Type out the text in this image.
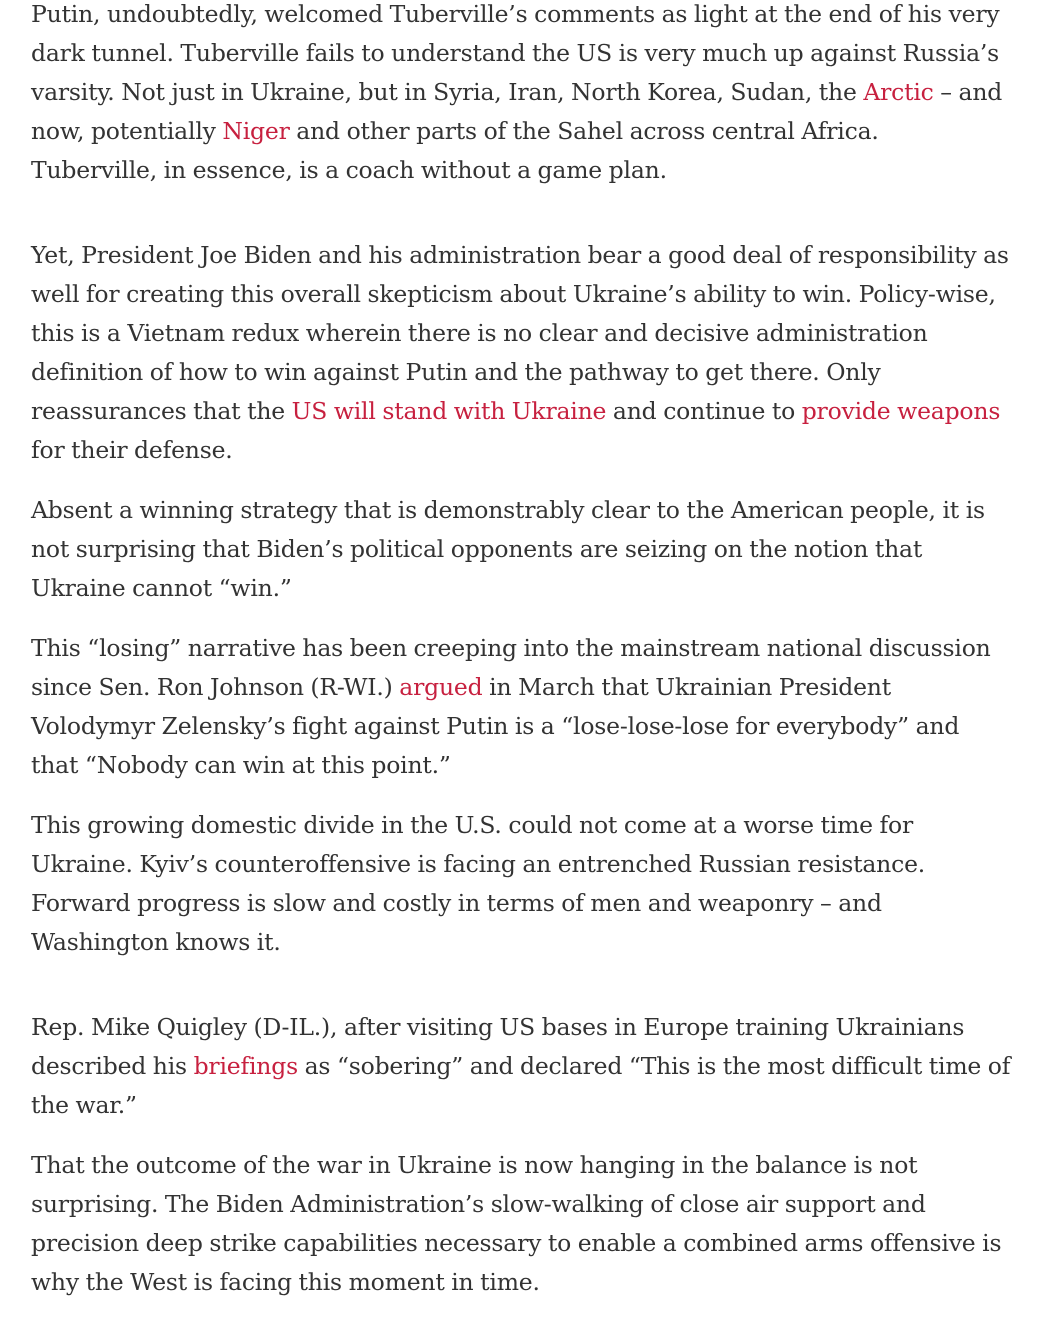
Putin, undoubtedly, welcomed Tuberville’s comments as light at the end of his very dark tunnel. Tuberville fails to understand the US is very much up against Russia’s varsity. Not just in Ukraine, but in Syria, Iran, North Korea, Sudan, the Arctic – and now, potentially Niger and other parts of the Sahel across central Africa. Tuberville, in essence, is a coach without a game plan.

Yet, President Joe Biden and his administration bear a good deal of responsibility as well for creating this overall skepticism about Ukraine’s ability to win. Policy-wise, this is a Vietnam redux wherein there is no clear and decisive administration definition of how to win against Putin and the pathway to get there. Only reassurances that the US will stand with Ukraine and continue to provide weapons for their defense.

Absent a winning strategy that is demonstrably clear to the American people, it is not surprising that Biden’s political opponents are seizing on the notion that Ukraine cannot “win.”

This “losing” narrative has been creeping into the mainstream national discussion since Sen. Ron Johnson (R-WI.) argued in March that Ukrainian President Volodymyr Zelensky’s fight against Putin is a “lose-lose-lose for everybody” and that “Nobody can win at this point.”

This growing domestic divide in the U.S. could not come at a worse time for Ukraine. Kyiv’s counteroffensive is facing an entrenched Russian resistance. Forward progress is slow and costly in terms of men and weaponry – and Washington knows it.

Rep. Mike Quigley (D-IL.), after visiting US bases in Europe training Ukrainians described his briefings as “sobering” and declared “This is the most difficult time of the war.”

That the outcome of the war in Ukraine is now hanging in the balance is not surprising. The Biden Administration’s slow-walking of close air support and precision deep strike capabilities necessary to enable a combined arms offensive is why the West is facing this moment in time.
